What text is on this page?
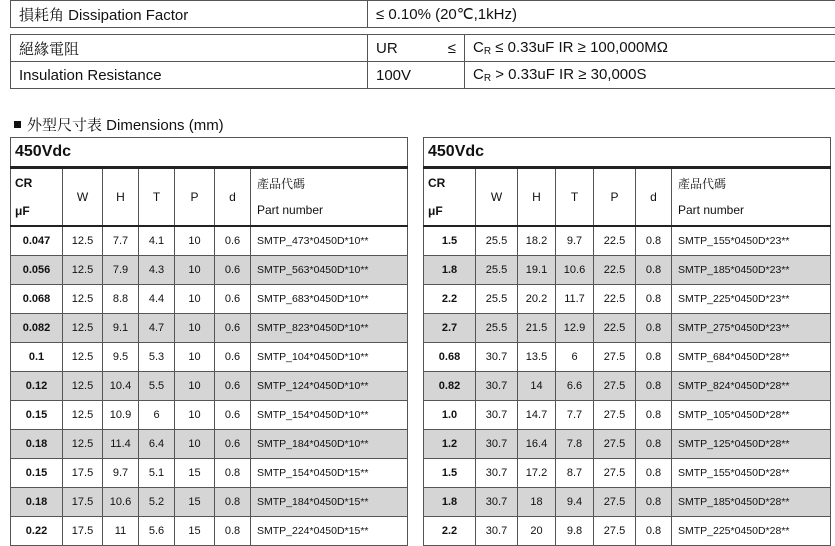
損耗角 Dissipation Factor	≤ 0.10% (20℃,1kHz)	

絕緣電阻	UR ≤	$C_R \le 0.33uF$ IR ≥ 100,000MΩ
Insulation Resistance	100V	$C_R > 0.33uF$ IR ≥ 30,000S
外型尺寸表 Dimensions (mm)
450Vdc						
CR
μF	W	H	T	P	d	產品代碼
Part number
0.047	12.5	7.7	4.1	10	0.6	SMTP_473*0450D*10**
0.056	12.5	7.9	4.3	10	0.6	SMTP_563*0450D*10**
0.068	12.5	8.8	4.4	10	0.6	SMTP_683*0450D*10**
0.082	12.5	9.1	4.7	10	0.6	SMTP_823*0450D*10**
0.1	12.5	9.5	5.3	10	0.6	SMTP_104*0450D*10**
0.12	12.5	10.4	5.5	10	0.6	SMTP_124*0450D*10**
0.15	12.5	10.9	6	10	0.6	SMTP_154*0450D*10**
0.18	12.5	11.4	6.4	10	0.6	SMTP_184*0450D*10**
0.15	17.5	9.7	5.1	15	0.8	SMTP_154*0450D*15**
0.18	17.5	10.6	5.2	15	0.8	SMTP_184*0450D*15**
0.22	17.5	11	5.6	15	0.8	SMTP_224*0450D*15**
450Vdc						
CR
μF	W	H	T	P	d	產品代碼
Part number
1.5	25.5	18.2	9.7	22.5	0.8	SMTP_155*0450D*23**
1.8	25.5	19.1	10.6	22.5	0.8	SMTP_185*0450D*23**
2.2	25.5	20.2	11.7	22.5	0.8	SMTP_225*0450D*23**
2.7	25.5	21.5	12.9	22.5	0.8	SMTP_275*0450D*23**
0.68	30.7	13.5	6	27.5	0.8	SMTP_684*0450D*28**
0.82	30.7	14	6.6	27.5	0.8	SMTP_824*0450D*28**
1.0	30.7	14.7	7.7	27.5	0.8	SMTP_105*0450D*28**
1.2	30.7	16.4	7.8	27.5	0.8	SMTP_125*0450D*28**
1.5	30.7	17.2	8.7	27.5	0.8	SMTP_155*0450D*28**
1.8	30.7	18	9.4	27.5	0.8	SMTP_185*0450D*28**
2.2	30.7	20	9.8	27.5	0.8	SMTP_225*0450D*28**
